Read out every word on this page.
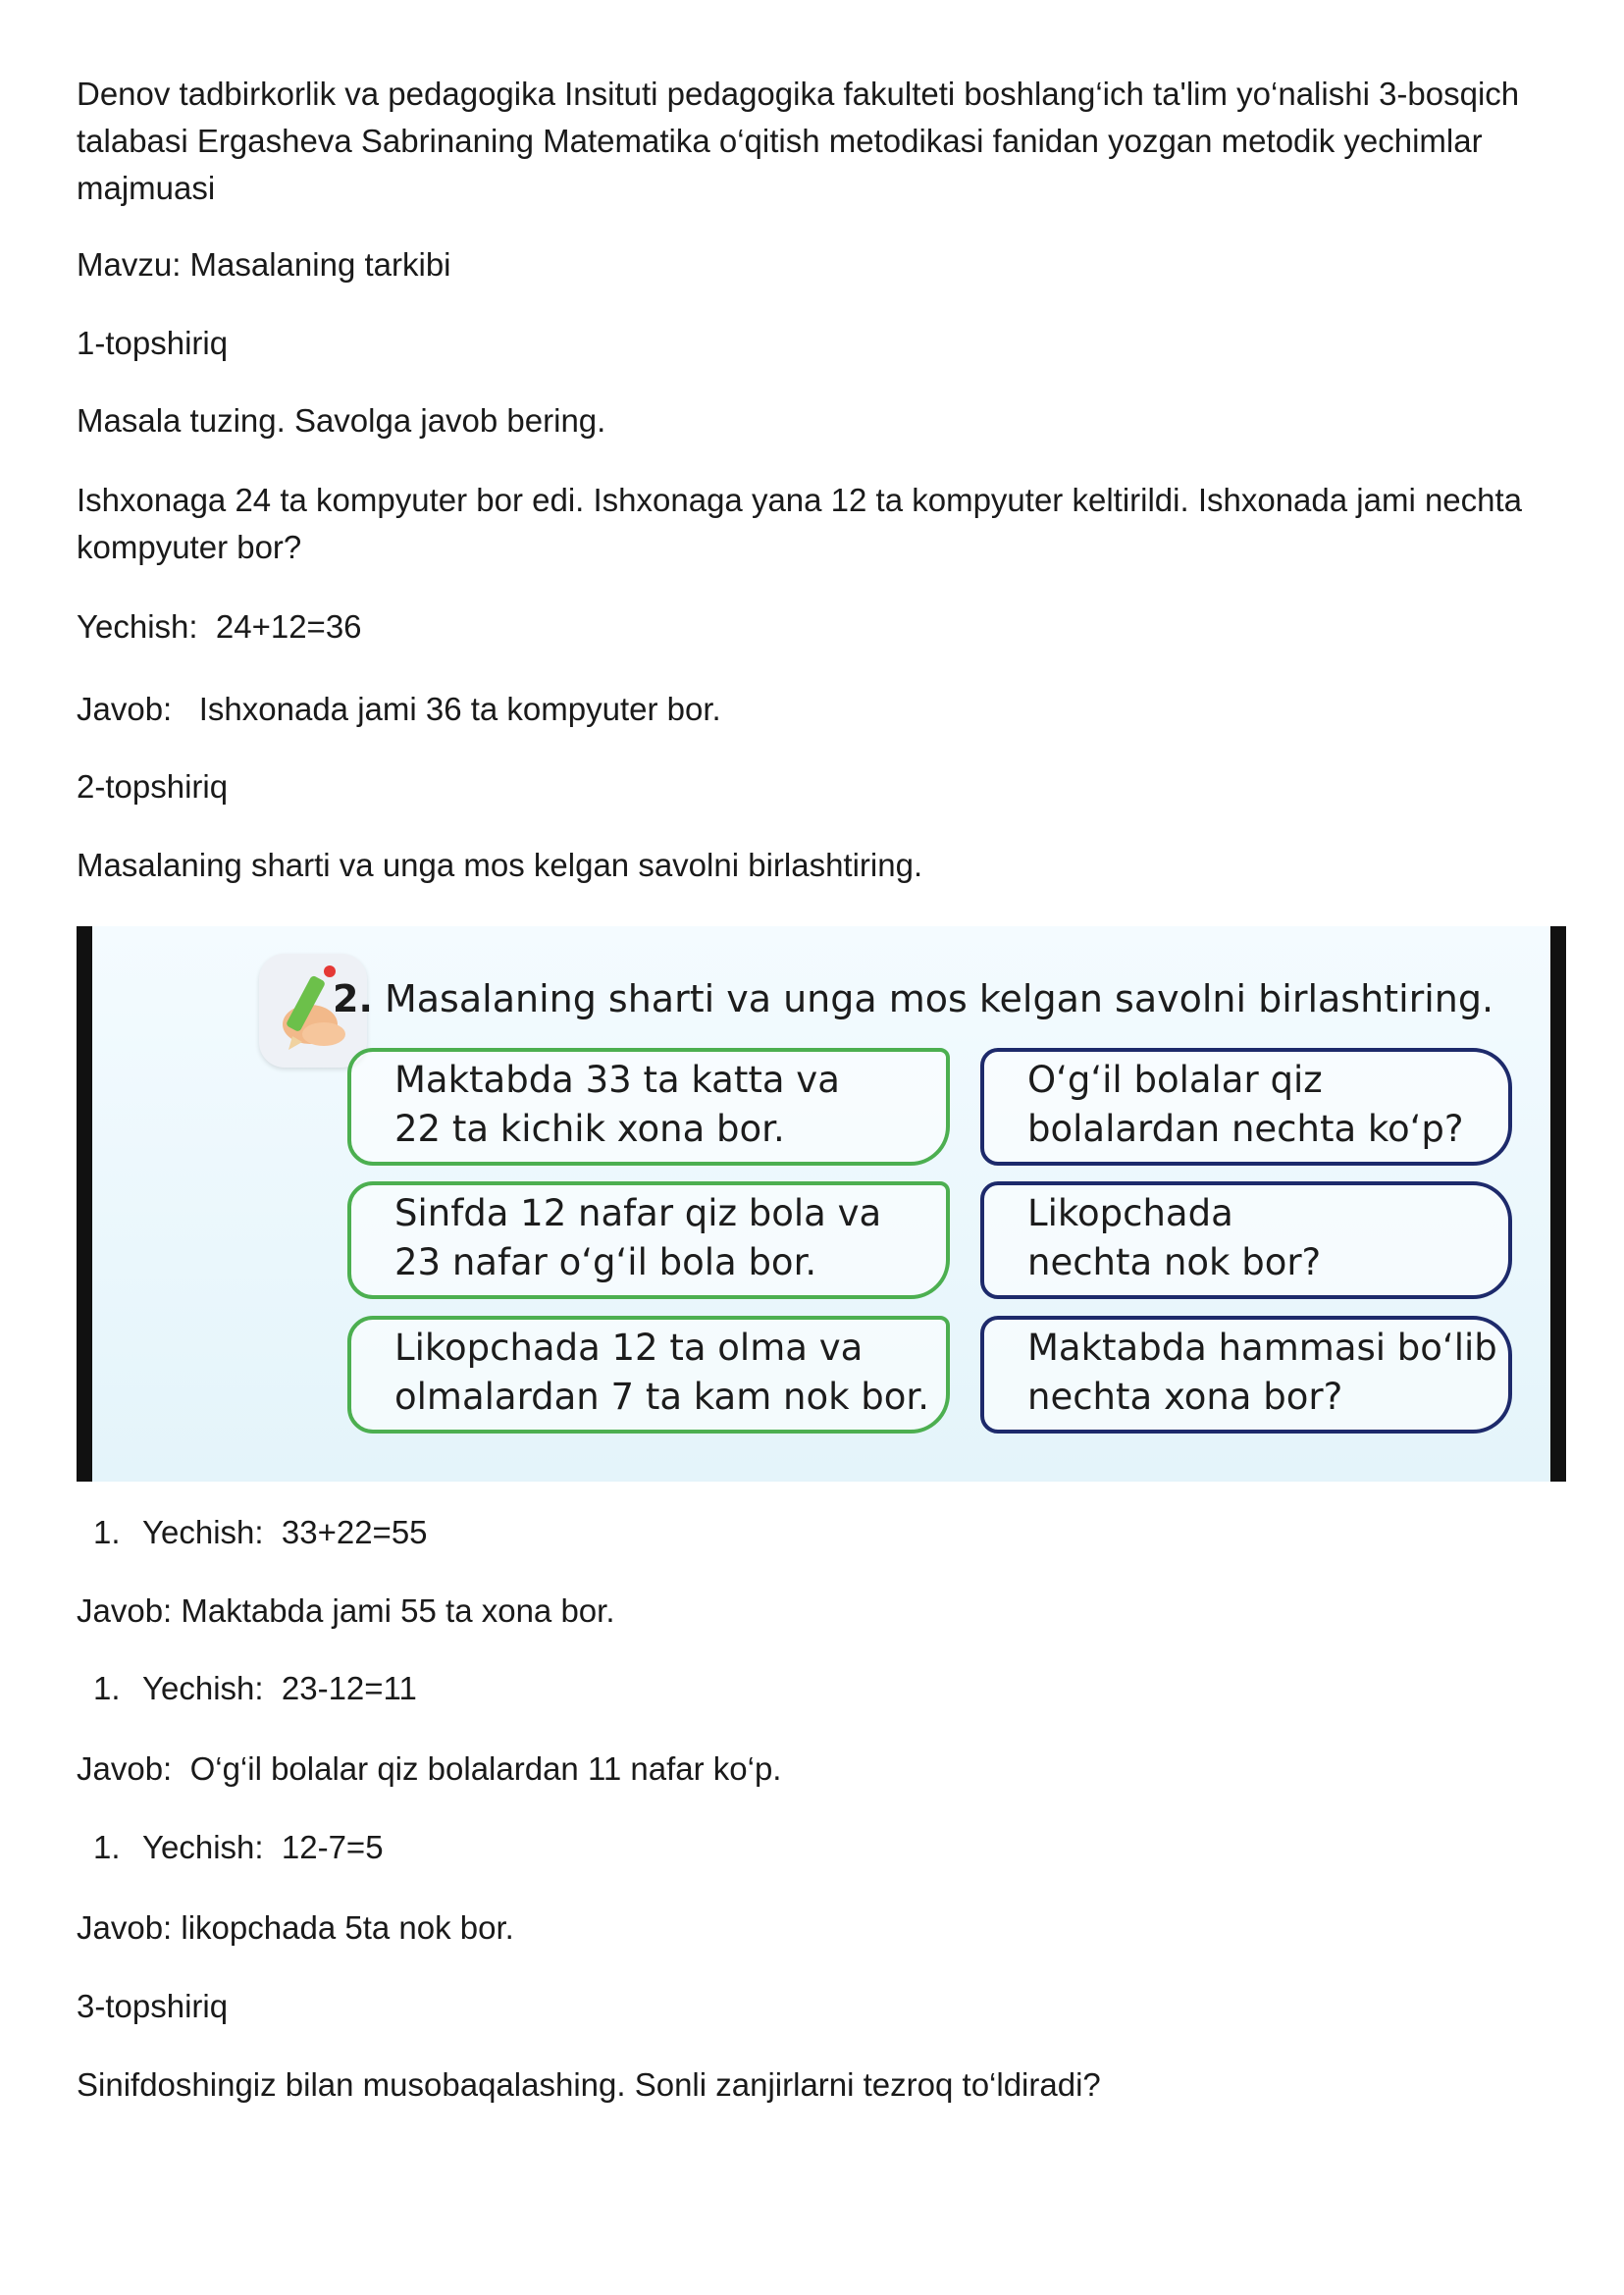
Denov tadbirkorlik va pedagogika Insituti pedagogika fakulteti boshlang‘ich ta'lim yo‘nalishi 3-bosqich talabasi Ergasheva Sabrinaning Matematika o‘qitish metodikasi fanidan yozgan metodik yechimlar majmuasi

Mavzu: Masalaning tarkibi

1-topshiriq

Masala tuzing. Savolga javob bering.

Ishxonaga 24 ta kompyuter bor edi. Ishxonaga yana 12 ta kompyuter keltirildi. Ishxonada jami nechta kompyuter bor?

Yechish:  24+12=36

Javob:   Ishxonada jami 36 ta kompyuter bor.

2-topshiriq

Masalaning sharti va unga mos kelgan savolni birlashtiring.

2. Masalaning sharti va unga mos kelgan savolni birlashtiring.
Maktabda 33 ta katta va
22 ta kichik xona bor.
Sinfda 12 nafar qiz bola va
23 nafar o‘g‘il bola bor.
Likopchada 12 ta olma va
olmalardan 7 ta kam nok bor.
O‘g‘il bolalar qiz
bolalardan nechta ko‘p?
Likopchada
nechta nok bor?
Maktabda hammasi bo‘lib
nechta xona bor?

1. Yechish:  33+22=55

Javob: Maktabda jami 55 ta xona bor.

1. Yechish:  23-12=11

Javob:  O‘g‘il bolalar qiz bolalardan 11 nafar ko‘p.

1. Yechish:  12-7=5

Javob: likopchada 5ta nok bor.

3-topshiriq

Sinifdoshingiz bilan musobaqalashing. Sonli zanjirlarni tezroq to‘ldiradi?
